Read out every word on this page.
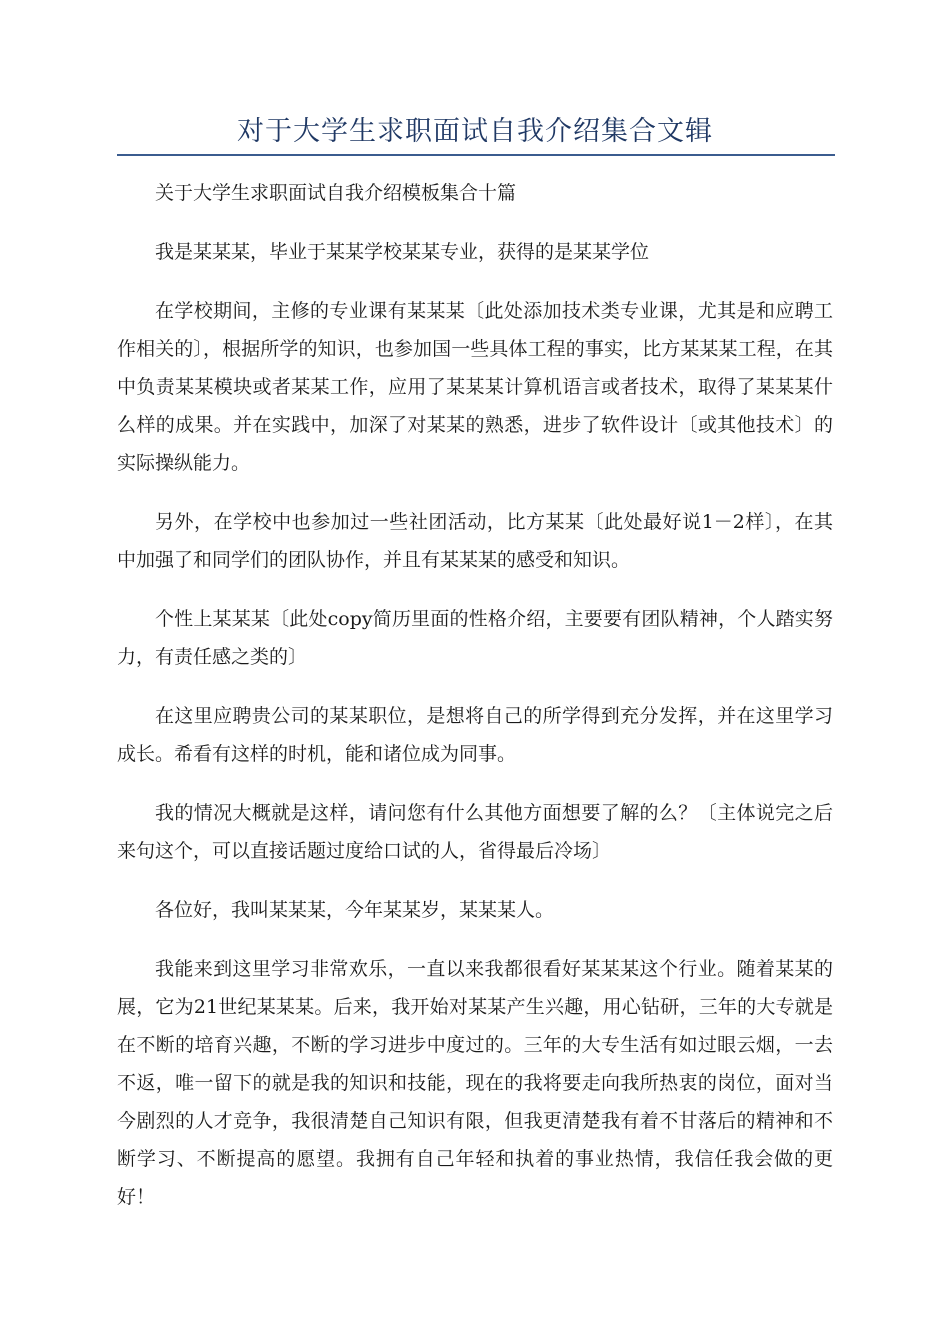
对于大学生求职面试自我介绍集合文辑

关于大学生求职面试自我介绍模板集合十篇

我是某某某，毕业于某某学校某某专业，获得的是某某学位

在学校期间，主修的专业课有某某某〔此处添加技术类专业课，尤其是和应聘工作相关的〕，根据所学的知识，也参加国一些具体工程的事实，比方某某某工程，在其中负责某某模块或者某某工作，应用了某某某计算机语言或者技术，取得了某某某什么样的成果。并在实践中，加深了对某某的熟悉，进步了软件设计〔或其他技术〕的实际操纵能力。

另外，在学校中也参加过一些社团活动，比方某某〔此处最好说1－2样〕，在其中加强了和同学们的团队协作，并且有某某某的感受和知识。

个性上某某某〔此处copy简历里面的性格介绍，主要要有团队精神，个人踏实努力，有责任感之类的〕

在这里应聘贵公司的某某职位，是想将自己的所学得到充分发挥，并在这里学习成长。希看有这样的时机，能和诸位成为同事。

我的情况大概就是这样，请问您有什么其他方面想要了解的么？〔主体说完之后来句这个，可以直接话题过度给口试的人，省得最后冷场〕

各位好，我叫某某某，今年某某岁，某某某人。

我能来到这里学习非常欢乐，一直以来我都很看好某某某这个行业。随着某某的展，它为21世纪某某某。后来，我开始对某某产生兴趣，用心钻研，三年的大专就是在不断的培育兴趣，不断的学习进步中度过的。三年的大专生活有如过眼云烟，一去不返，唯一留下的就是我的知识和技能，现在的我将要走向我所热衷的岗位，面对当今剧烈的人才竞争，我很清楚自己知识有限，但我更清楚我有着不甘落后的精神和不断学习、不断提高的愿望。我拥有自己年轻和执着的事业热情，我信任我会做的更好！
